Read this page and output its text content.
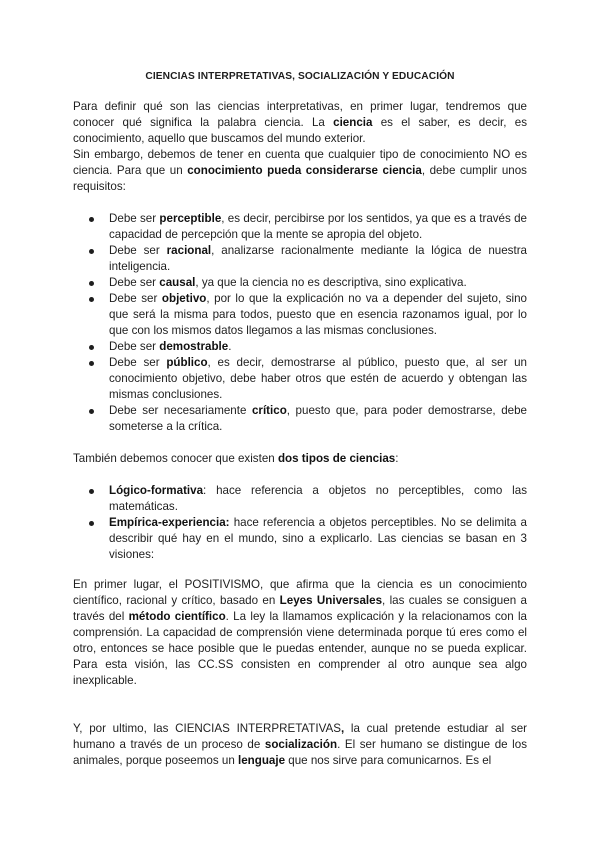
CIENCIAS INTERPRETATIVAS, SOCIALIZACIÓN Y EDUCACIÓN

Para definir qué son las ciencias interpretativas, en primer lugar, tendremos que conocer qué significa la palabra ciencia. La ciencia es el saber, es decir, es conocimiento, aquello que buscamos del mundo exterior.

Sin embargo, debemos de tener en cuenta que cualquier tipo de conocimiento NO es ciencia. Para que un conocimiento pueda considerarse ciencia, debe cumplir unos requisitos:

Debe ser perceptible, es decir, percibirse por los sentidos, ya que es a través de capacidad de percepción que la mente se apropia del objeto.
Debe ser racional, analizarse racionalmente mediante la lógica de nuestra inteligencia.
Debe ser causal, ya que la ciencia no es descriptiva, sino explicativa.
Debe ser objetivo, por lo que la explicación no va a depender del sujeto, sino que será la misma para todos, puesto que en esencia razonamos igual, por lo que con los mismos datos llegamos a las mismas conclusiones.
Debe ser demostrable.
Debe ser público, es decir, demostrarse al público, puesto que, al ser un conocimiento objetivo, debe haber otros que estén de acuerdo y obtengan las mismas conclusiones.
Debe ser necesariamente crítico, puesto que, para poder demostrarse, debe someterse a la crítica.

También debemos conocer que existen dos tipos de ciencias:

Lógico-formativa: hace referencia a objetos no perceptibles, como las matemáticas.
Empírica-experiencia: hace referencia a objetos perceptibles. No se delimita a describir qué hay en el mundo, sino a explicarlo. Las ciencias se basan en 3 visiones:

En primer lugar, el POSITIVISMO, que afirma que la ciencia es un conocimiento científico, racional y crítico, basado en Leyes Universales, las cuales se consiguen a través del método científico. La ley la llamamos explicación y la relacionamos con la comprensión. La capacidad de comprensión viene determinada porque tú eres como el otro, entonces se hace posible que le puedas entender, aunque no se pueda explicar. Para esta visión, las CC.SS consisten en comprender al otro aunque sea algo inexplicable.

Y, por ultimo, las CIENCIAS INTERPRETATIVAS, la cual pretende estudiar al ser humano a través de un proceso de socialización. El ser humano se distingue de los animales, porque poseemos un lenguaje que nos sirve para comunicarnos. Es el
